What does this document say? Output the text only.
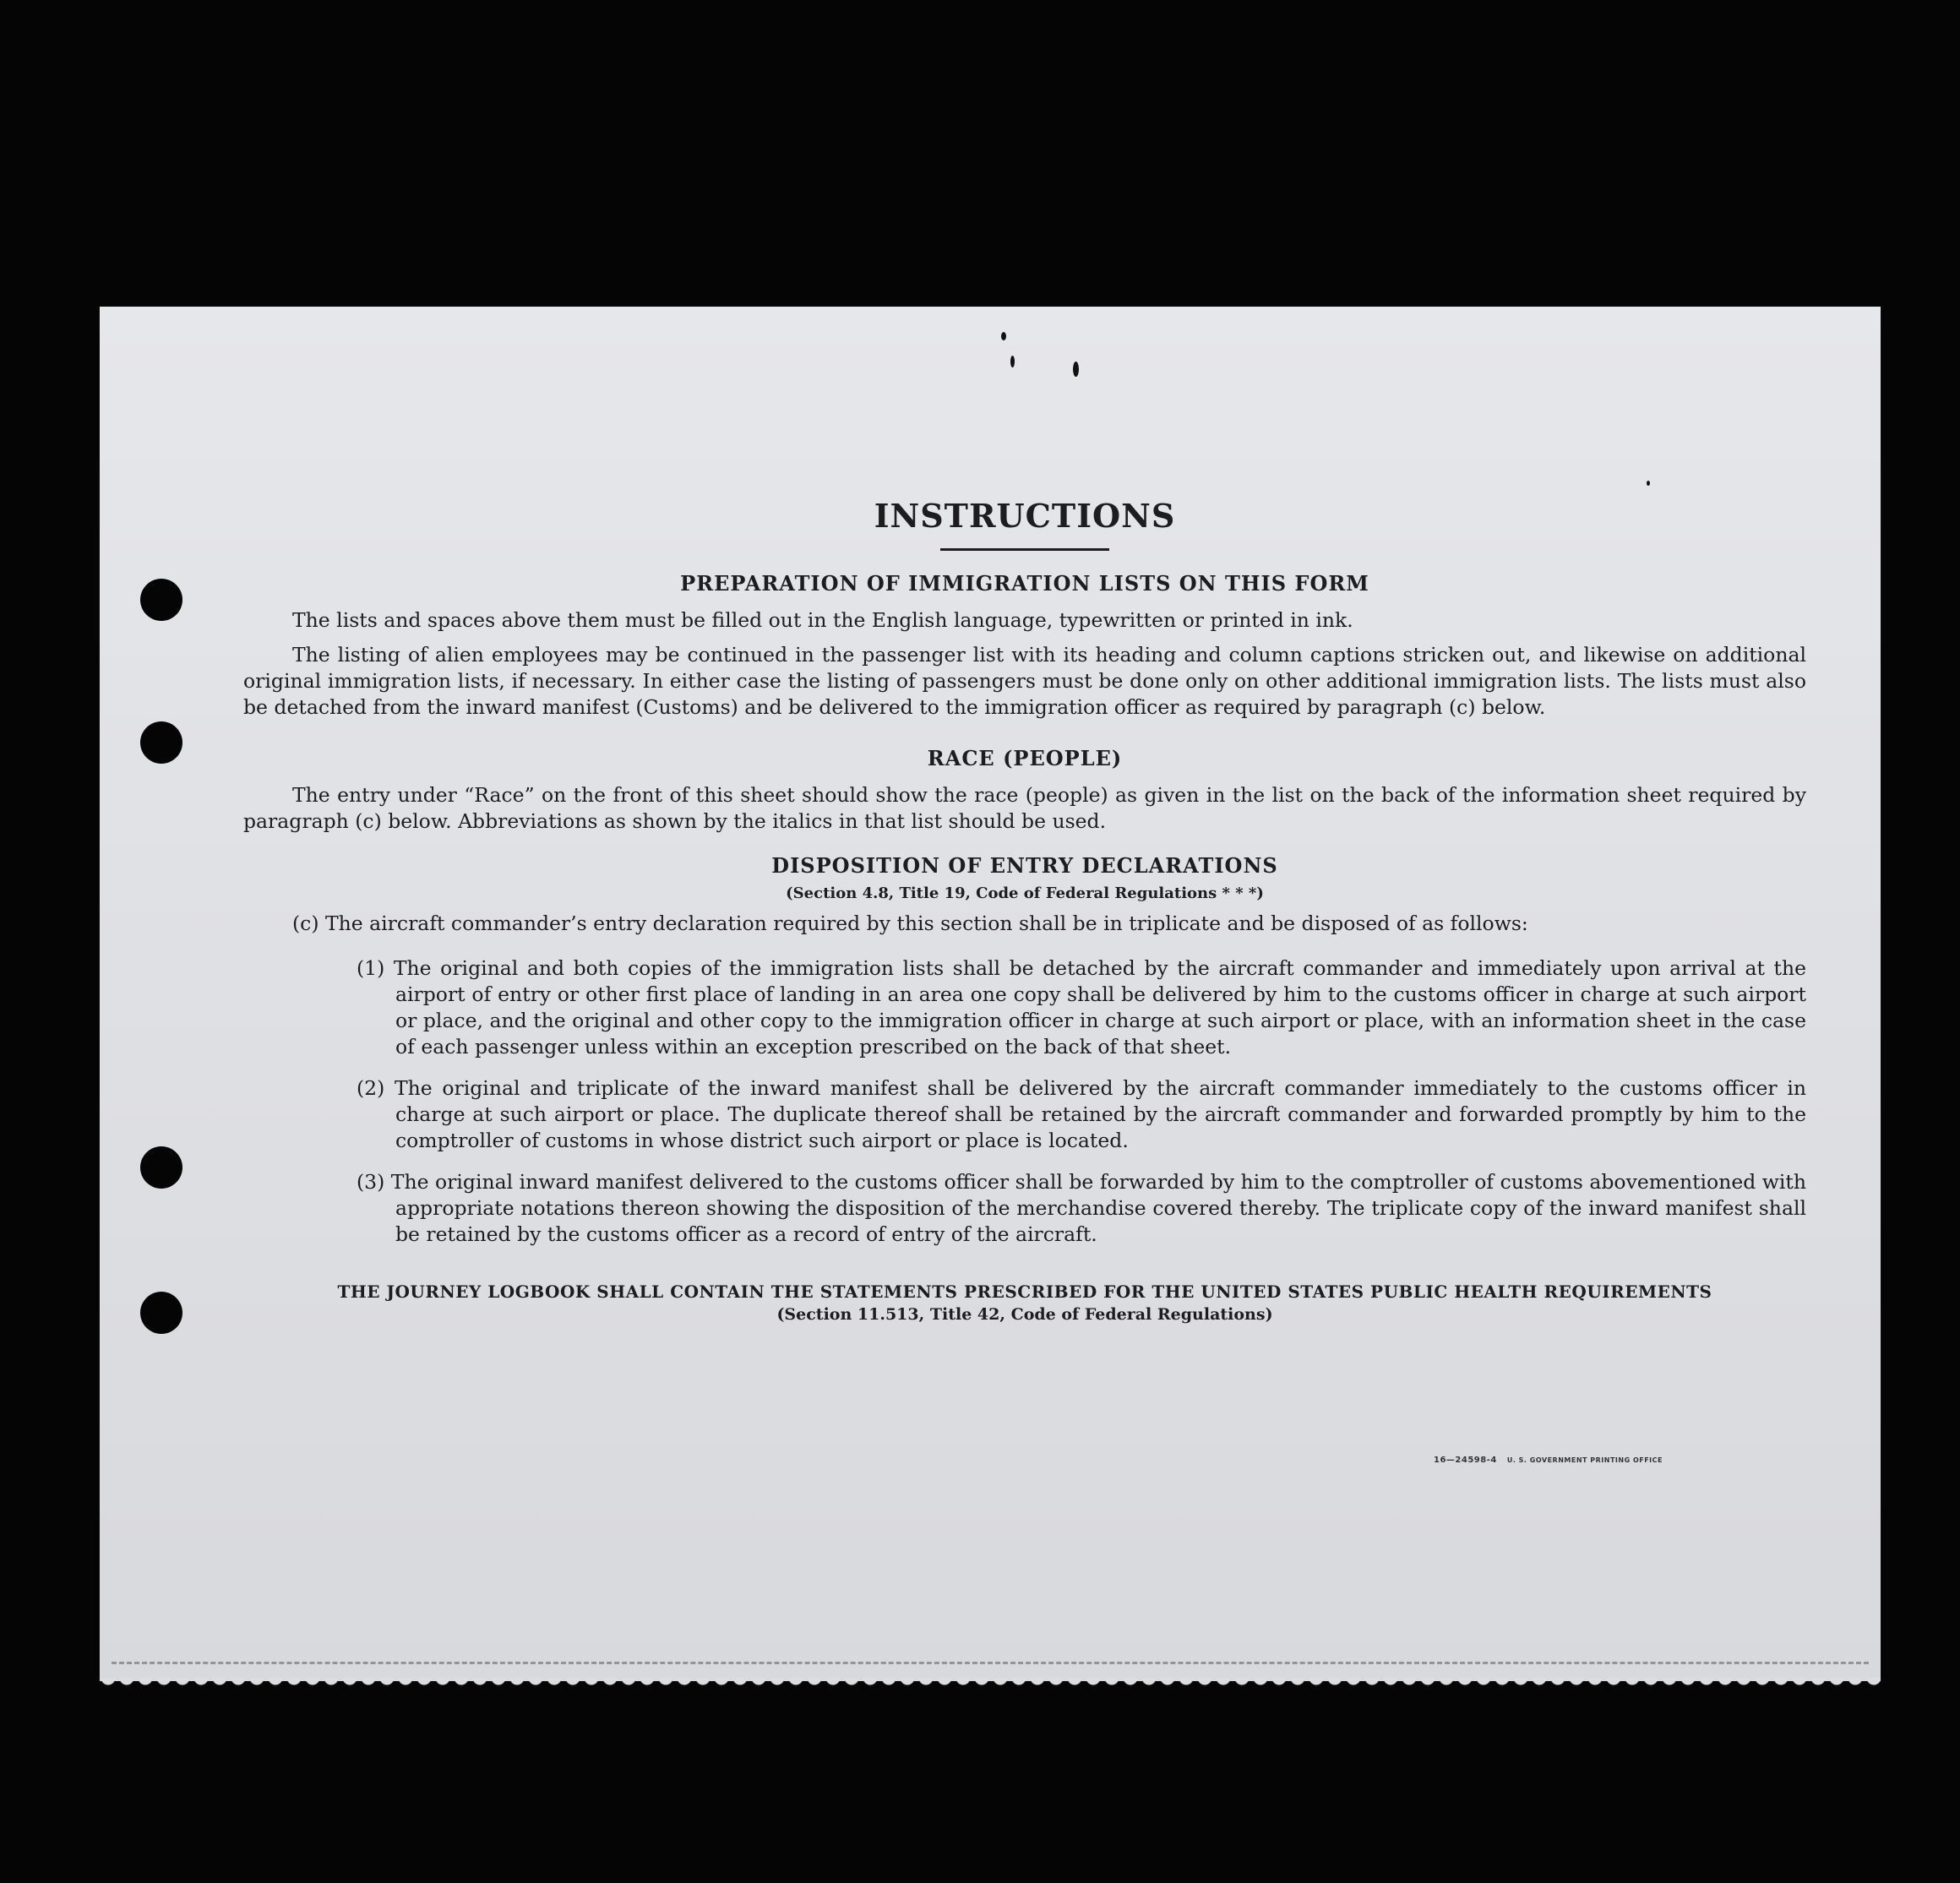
INSTRUCTIONS
PREPARATION OF IMMIGRATION LISTS ON THIS FORM

The lists and spaces above them must be filled out in the English language, typewritten or printed in ink.

The listing of alien employees may be continued in the passenger list with its heading and column captions stricken out, and likewise on additional original immigration lists, if necessary. In either case the listing of passengers must be done only on other additional immigration lists. The lists must also be detached from the inward manifest (Customs) and be delivered to the immigration officer as required by paragraph (c) below.

RACE (PEOPLE)

The entry under “Race” on the front of this sheet should show the race (people) as given in the list on the back of the information sheet required by paragraph (c) below. Abbreviations as shown by the italics in that list should be used.

DISPOSITION OF ENTRY DECLARATIONS
(Section 4.8, Title 19, Code of Federal Regulations * * *)
(c) The aircraft commander’s entry declaration required by this section shall be in triplicate and be disposed of as follows:
(1) The original and both copies of the immigration lists shall be detached by the aircraft commander and immediately upon arrival at the airport of entry or other first place of landing in an area one copy shall be delivered by him to the customs officer in charge at such airport or place, and the original and other copy to the immigration officer in charge at such airport or place, with an information sheet in the case of each passenger unless within an exception prescribed on the back of that sheet.
(2) The original and triplicate of the inward manifest shall be delivered by the aircraft commander immediately to the customs officer in charge at such airport or place. The duplicate thereof shall be retained by the aircraft commander and forwarded promptly by him to the comptroller of customs in whose district such airport or place is located.
(3) The original inward manifest delivered to the customs officer shall be forwarded by him to the comptroller of customs abovementioned with appropriate notations thereon showing the disposition of the merchandise covered thereby. The triplicate copy of the inward manifest shall be retained by the customs officer as a record of entry of the aircraft.
THE JOURNEY LOGBOOK SHALL CONTAIN THE STATEMENTS PRESCRIBED FOR THE UNITED STATES PUBLIC HEALTH REQUIREMENTS
(Section 11.513, Title 42, Code of Federal Regulations)
16—24598-4 U. S. GOVERNMENT PRINTING OFFICE
